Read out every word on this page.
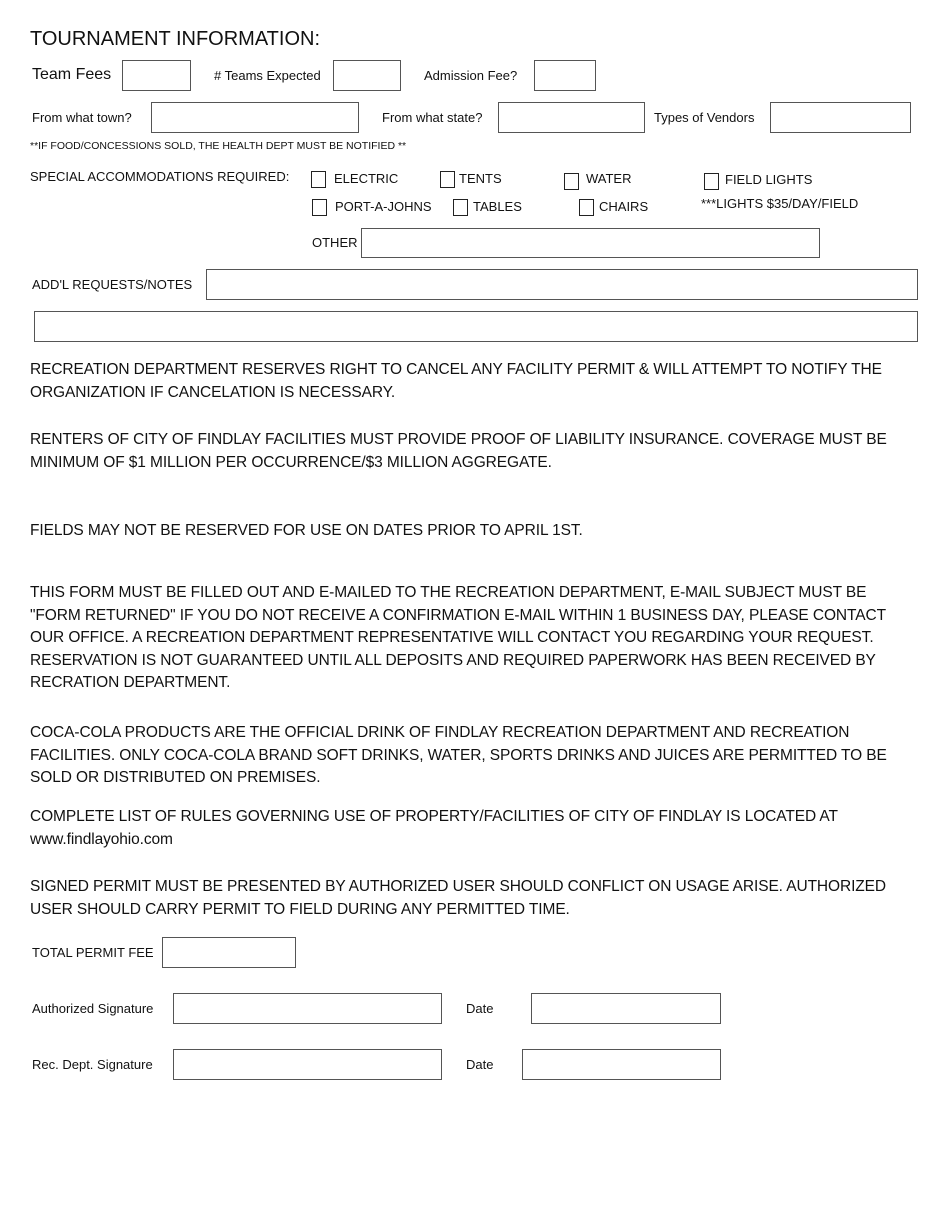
TOURNAMENT INFORMATION:
Team Fees	# Teams Expected	Admission Fee?
From what town?	From what state?	Types of Vendors
**IF FOOD/CONCESSIONS SOLD, THE HEALTH DEPT MUST BE NOTIFIED **
SPECIAL ACCOMMODATIONS REQUIRED:	ELECTRIC	TENTS	WATER	FIELD LIGHTS
PORT-A-JOHNS	TABLES	CHAIRS	***LIGHTS $35/DAY/FIELD
OTHER
ADD'L REQUESTS/NOTES
RECREATION DEPARTMENT RESERVES RIGHT TO CANCEL ANY FACILITY PERMIT & WILL ATTEMPT TO NOTIFY THE
ORGANIZATION IF CANCELATION IS NECESSARY.
RENTERS OF CITY OF FINDLAY FACILITIES MUST PROVIDE PROOF OF LIABILITY INSURANCE. COVERAGE MUST BE
MINIMUM OF $1 MILLION PER OCCURRENCE/$3 MILLION AGGREGATE.
FIELDS MAY NOT BE RESERVED FOR USE ON DATES PRIOR TO APRIL 1ST.
THIS FORM MUST BE FILLED OUT AND E-MAILED TO THE RECREATION DEPARTMENT, E-MAIL SUBJECT MUST BE
"FORM RETURNED" IF YOU DO NOT RECEIVE A CONFIRMATION E-MAIL WITHIN 1 BUSINESS DAY, PLEASE CONTACT
OUR OFFICE. A RECREATION DEPARTMENT REPRESENTATIVE WILL CONTACT YOU REGARDING YOUR REQUEST.
RESERVATION IS NOT GUARANTEED UNTIL ALL DEPOSITS AND REQUIRED PAPERWORK HAS BEEN RECEIVED BY
RECRATION DEPARTMENT.
COCA-COLA PRODUCTS ARE THE OFFICIAL DRINK OF FINDLAY RECREATION DEPARTMENT AND RECREATION
FACILITIES. ONLY COCA-COLA BRAND SOFT DRINKS, WATER, SPORTS DRINKS AND JUICES ARE PERMITTED TO BE
SOLD OR DISTRIBUTED ON PREMISES.
COMPLETE LIST OF RULES GOVERNING USE OF PROPERTY/FACILITIES OF CITY OF FINDLAY IS LOCATED AT
www.findlayohio.com
SIGNED PERMIT MUST BE PRESENTED BY AUTHORIZED USER SHOULD CONFLICT ON USAGE ARISE. AUTHORIZED
USER SHOULD CARRY PERMIT TO FIELD DURING ANY PERMITTED TIME.
TOTAL PERMIT FEE
Authorized Signature	Date
Rec. Dept. Signature	Date
